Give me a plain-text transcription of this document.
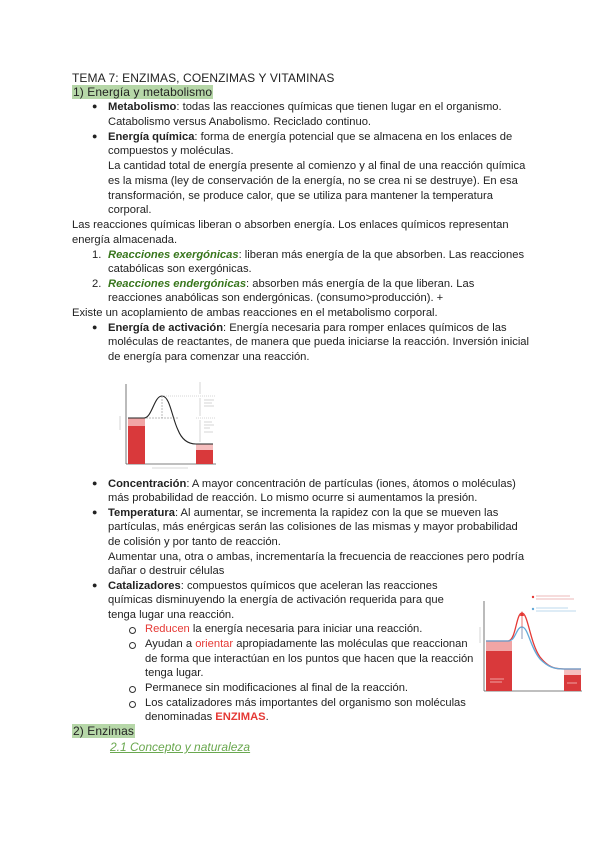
TEMA 7: ENZIMAS, COENZIMAS Y VITAMINAS
1) Energía y metabolismo
● Metabolismo: todas las reacciones químicas que tienen lugar en el organismo.
Catabolismo versus Anabolismo. Reciclado continuo.
● Energía química: forma de energía potencial que se almacena en los enlaces de
compuestos y moléculas.
La cantidad total de energía presente al comienzo y al final de una reacción química
es la misma (ley de conservación de la energía, no se crea ni se destruye). En esa
transformación, se produce calor, que se utiliza para mantener la temperatura
corporal.
Las reacciones químicas liberan o absorben energía. Los enlaces químicos representan
energía almacenada.
1. Reacciones exergónicas: liberan más energía de la que absorben. Las reacciones
catabólicas son exergónicas.
2. Reacciones endergónicas: absorben más energía de la que liberan. Las
reacciones anabólicas son endergónicas. (consumo>producción). +
Existe un acoplamiento de ambas reacciones en el metabolismo corporal.
● Energía de activación: Energía necesaria para romper enlaces químicos de las
moléculas de reactantes, de manera que pueda iniciarse la reacción. Inversión inicial
de energía para comenzar una reacción.
● Concentración: A mayor concentración de partículas (iones, átomos o moléculas)
más probabilidad de reacción. Lo mismo ocurre si aumentamos la presión.
● Temperatura: Al aumentar, se incrementa la rapidez con la que se mueven las
partículas, más enérgicas serán las colisiones de las mismas y mayor probabilidad
de colisión y por tanto de reacción.
Aumentar una, otra o ambas, incrementaría la frecuencia de reacciones pero podría
dañar o destruir células
● Catalizadores: compuestos químicos que aceleran las reacciones
químicas disminuyendo la energía de activación requerida para que
tenga lugar una reacción.
Reducen la energía necesaria para iniciar una reacción.
Ayudan a orientar apropiadamente las moléculas que reaccionan
de forma que interactúan en los puntos que hacen que la reacción
tenga lugar.
Permanece sin modificaciones al final de la reacción.
Los catalizadores más importantes del organismo son moléculas
denominadas ENZIMAS.
2) Enzimas
2.1 Concepto y naturaleza
